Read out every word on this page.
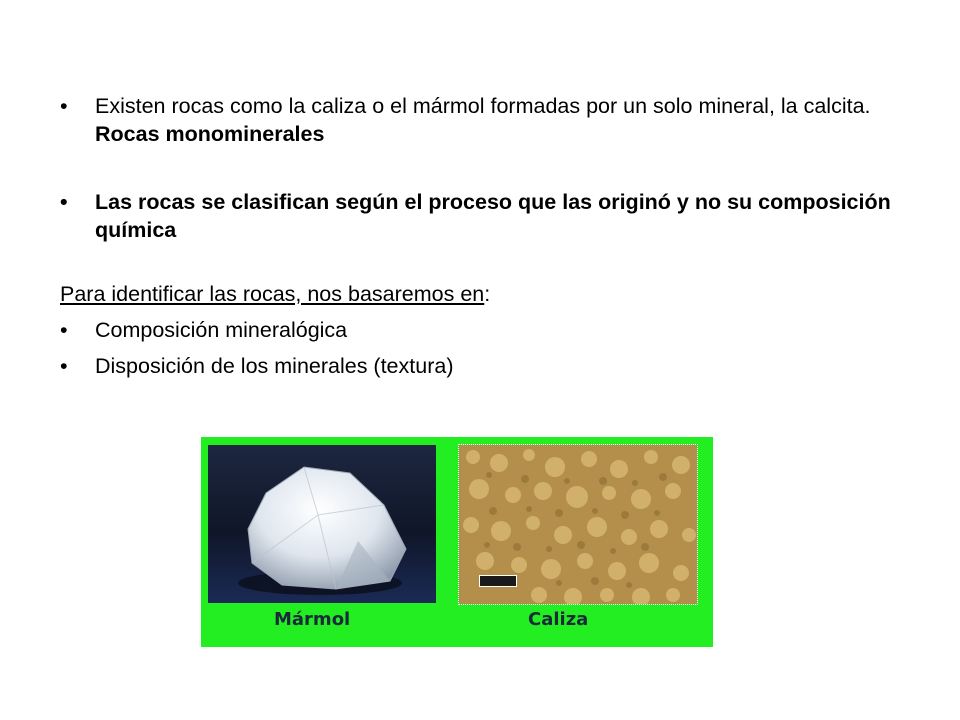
• Existen rocas como la caliza o el mármol formadas por un solo mineral, la calcita. Rocas monominerales
• Las rocas se clasifican según el proceso que las originó y no su composición química
Para identificar las rocas, nos basaremos en:
• Composición mineralógica
• Disposición de los minerales (textura)
Mármol	Caliza
